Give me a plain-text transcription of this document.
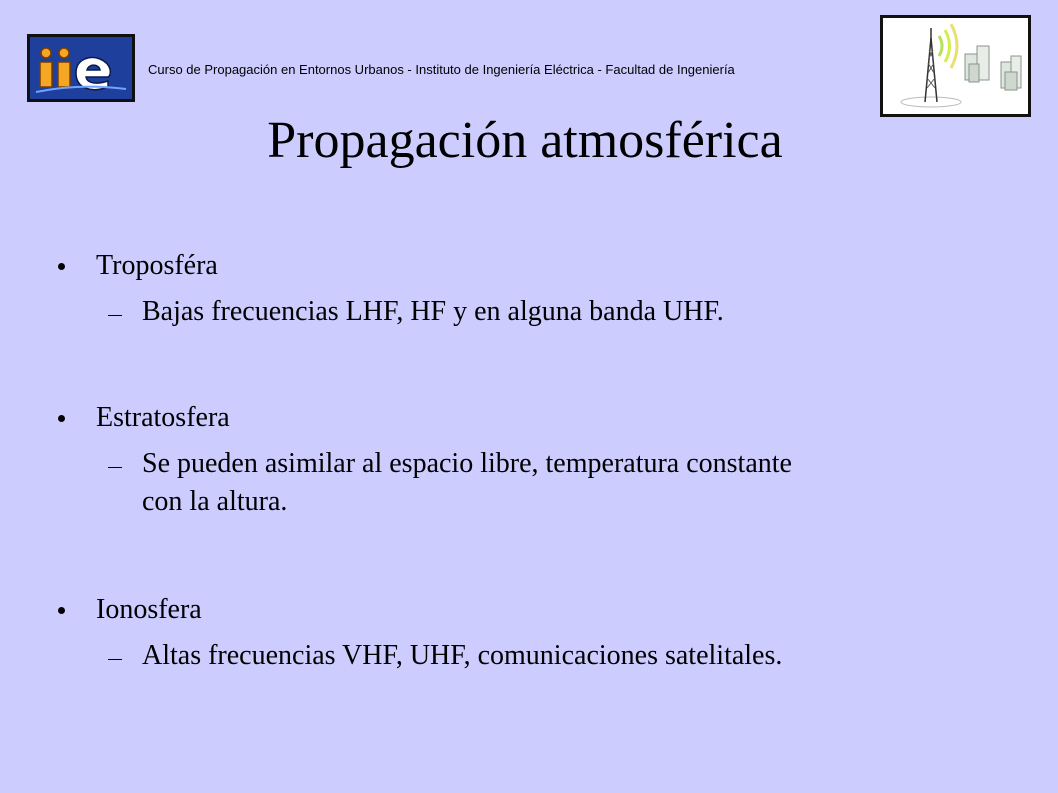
Curso de Propagación en Entornos Urbanos - Instituto de Ingeniería Eléctrica - Facultad de Ingeniería
Propagación atmosférica
Troposféra
Bajas frecuencias LHF, HF y en alguna banda UHF.
Estratosfera
Se pueden asimilar al espacio libre, temperatura constante
con la altura.
Ionosfera
Altas frecuencias VHF, UHF, comunicaciones satelitales.
